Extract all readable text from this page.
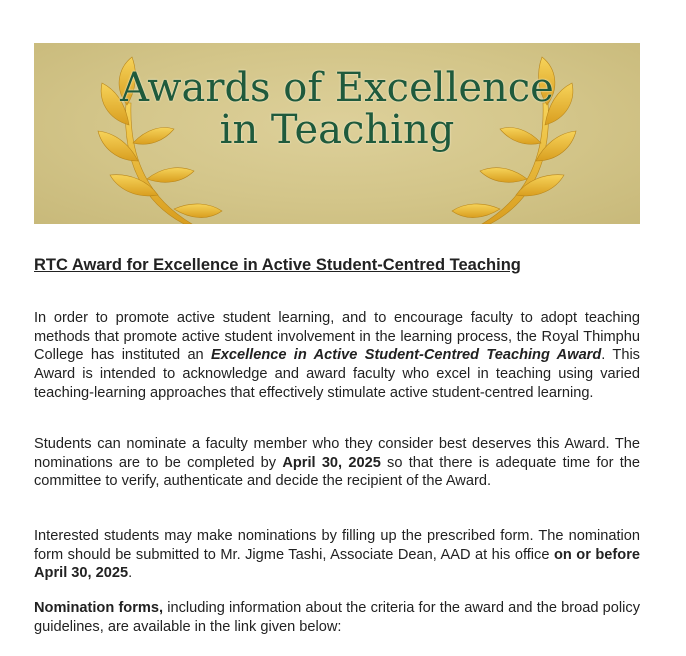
Awards of Excellence
in Teaching
RTC Award for Excellence in Active Student-Centred Teaching

In order to promote active student learning, and to encourage faculty to adopt teaching methods that promote active student involvement in the learning process, the Royal Thimphu College has instituted an Excellence in Active Student-Centred Teaching Award. This Award is intended to acknowledge and award faculty who excel in teaching using varied teaching-learning approaches that effectively stimulate active student-centred learning.

Students can nominate a faculty member who they consider best deserves this Award. The nominations are to be completed by April 30, 2025 so that there is adequate time for the committee to verify, authenticate and decide the recipient of the Award.

Interested students may make nominations by filling up the prescribed form. The nomination form should be submitted to Mr. Jigme Tashi, Associate Dean, AAD at his office on or before April 30, 2025.

Nomination forms, including information about the criteria for the award and the broad policy guidelines, are available in the link given below:
